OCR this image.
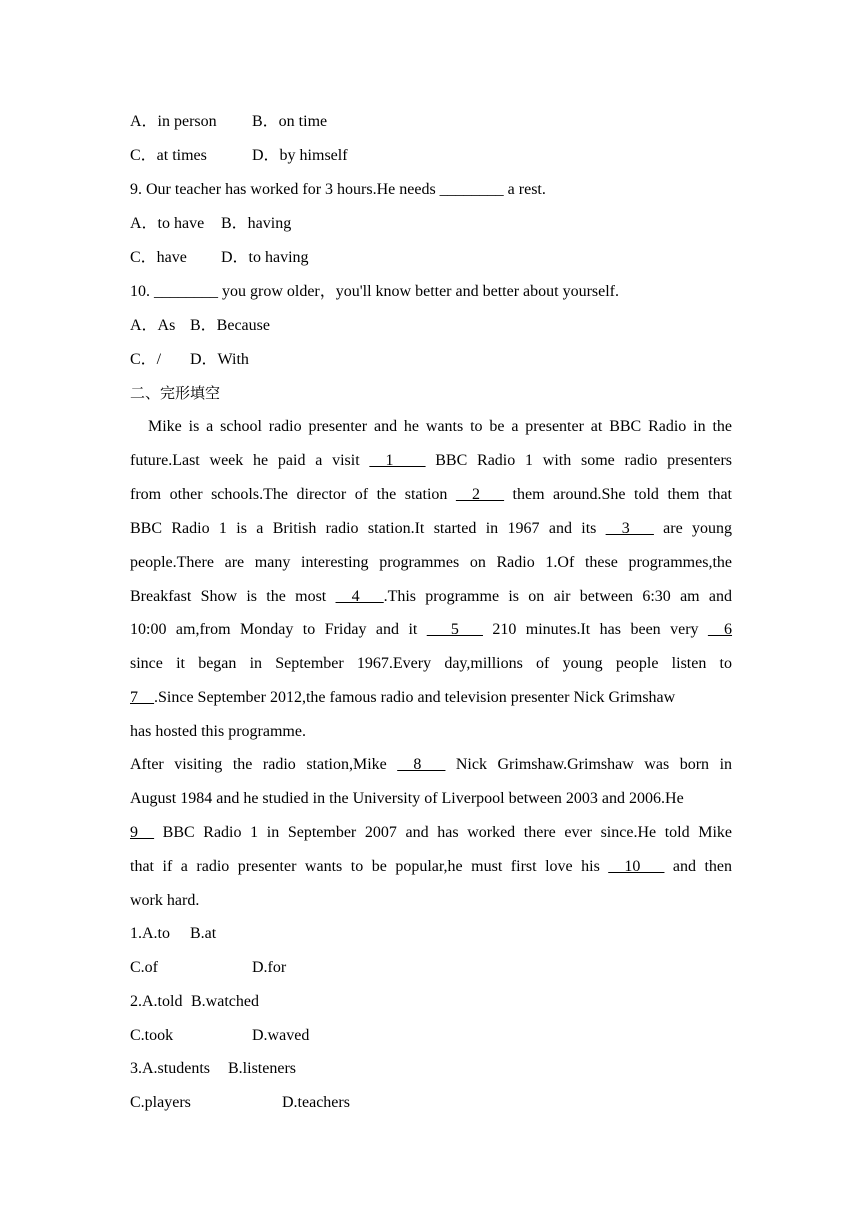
A．in person B．on time
C．at times	D．by himself
9. Our teacher has worked for 3 hours.He needs ________ a rest.
A．to have B．having
C．have D．to having
10. ________ you grow older，you'll know better and better about yourself.
A．As B．Because
C．/ D．With
二、完形填空
Mike is a school radio presenter and he wants to be a presenter at BBC Radio in the
future.Last week he paid a visit __1____ BBC Radio 1 with some radio presenters
from other schools.The director of the station __2___ them around.She told them that
BBC Radio 1 is a British radio station.It started in 1967 and its __3___ are young
people.There are many interesting programmes on Radio 1.Of these programmes,the
Breakfast Show is the most __4___.This programme is on air between 6:30 am and
10:00 am,from Monday to Friday and it ___5___ 210 minutes.It has been very __6
since it began in September 1967.Every day,millions of young people listen to
7__.Since September 2012,the famous radio and television presenter Nick Grimshaw
has hosted this programme.
After visiting the radio station,Mike __8___ Nick Grimshaw.Grimshaw was born in
August 1984 and he studied in the University of Liverpool between 2003 and 2006.He
9__ BBC Radio 1 in September 2007 and has worked there ever since.He told Mike
that if a radio presenter wants to be popular,he must first love his __10___ and then
work hard.
1.A.to B.at
C.of	D.for
2.A.told B.watched
C.took	D.waved
3.A.students B.listeners
C.players	D.teachers
